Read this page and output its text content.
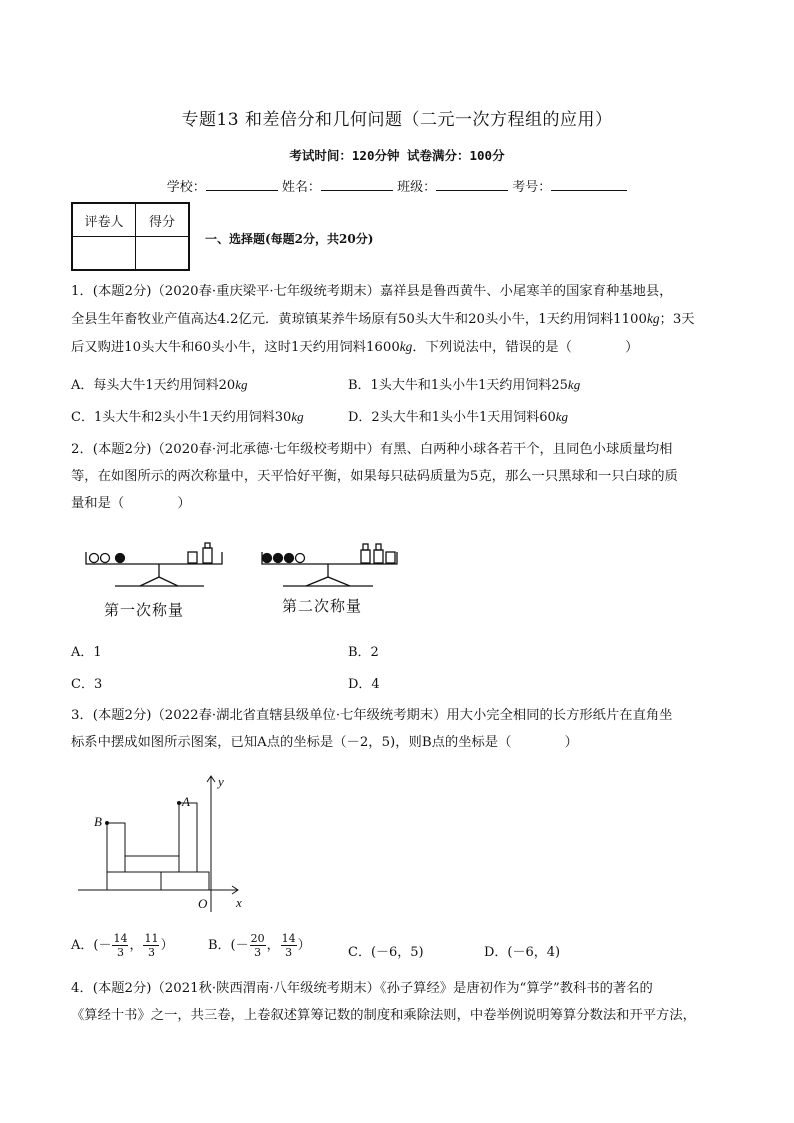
专题13 和差倍分和几何问题（二元一次方程组的应用）
考试时间：120分钟 试卷满分：100分
学校：	姓名：	班级：	考号：
评卷人	得分

一、选择题(每题2分，共20分)
1．(本题2分)（2020春·重庆梁平·七年级统考期末）嘉祥县是鲁西黄牛、小尾寒羊的国家育种基地县，
全县生年畜牧业产值高达4.2亿元．黄琼镇某养牛场原有50头大牛和20头小牛，1天约用饲料1100kg；3天
后又购进10头大牛和60头小牛，这时1天约用饲料1600kg．下列说法中，错误的是（　　　　）
A．每头大牛1天约用饲料20kg	B．1头大牛和1头小牛1天约用饲料25kg
C．1头大牛和2头小牛1天约用饲料30kg	D．2头大牛和1头小牛1天用饲料60kg
2．(本题2分)（2020春·河北承德·七年级校考期中）有黑、白两种小球各若干个，且同色小球质量均相
等，在如图所示的两次称量中，天平恰好平衡，如果每只砝码质量为5克，那么一只黑球和一只白球的质
量和是（　　　　）
第一次称量	第二次称量
A．1	B．2
C．3	D．4
3．(本题2分)（2022春·湖北省直辖县级单位·七年级统考期末）用大小完全相同的长方形纸片在直角坐
标系中摆成如图所示图案，已知A点的坐标是（－2，5)，则B点的坐标是（　　　　）
B
A
y
x
O
A．(－ $\frac{14}{3}$ ， $\frac{11}{3}$ ）	B．(－ $\frac{20}{3}$ ， $\frac{14}{3}$ ）	C．(－6，5)	D．(－6，4)
4．(本题2分)（2021秋·陕西渭南·八年级统考期末）《孙子算经》是唐初作为“算学”教科书的著名的
《算经十书》之一，共三卷，上卷叙述算筹记数的制度和乘除法则，中卷举例说明筹算分数法和开平方法，
